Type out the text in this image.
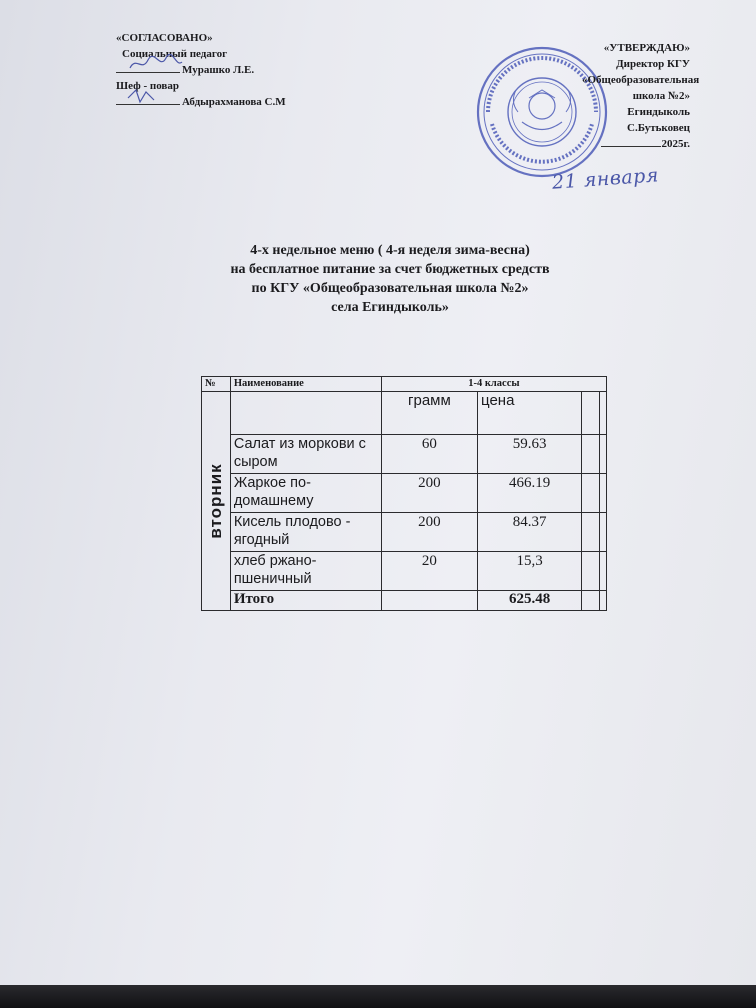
«СОГЛАСОВАНО»
Социальный педагог
Мурашко Л.Е.
Шеф - повар
Абдырахманова С.М
«УТВЕРЖДАЮ»
Директор КГУ
«Общеобразовательная
школа №2»
Егиндыколь
С.Бутьковец
2025г.
21 января
4-х недельное меню ( 4-я неделя зима-весна)
на бесплатное питание за счет бюджетных средств
по КГУ «Общеобразовательная школа №2»
села Егиндыколь»
№	Наименование	1-4 классы			

вторник		грамм	цена		
	Салат из моркови с сыром	60	59.63		
	Жаркое по-домашнему	200	466.19		
	Кисель плодово - ягодный	200	84.37		
	хлеб ржано-пшеничный	20	15,3		
	Итого		625.48		
